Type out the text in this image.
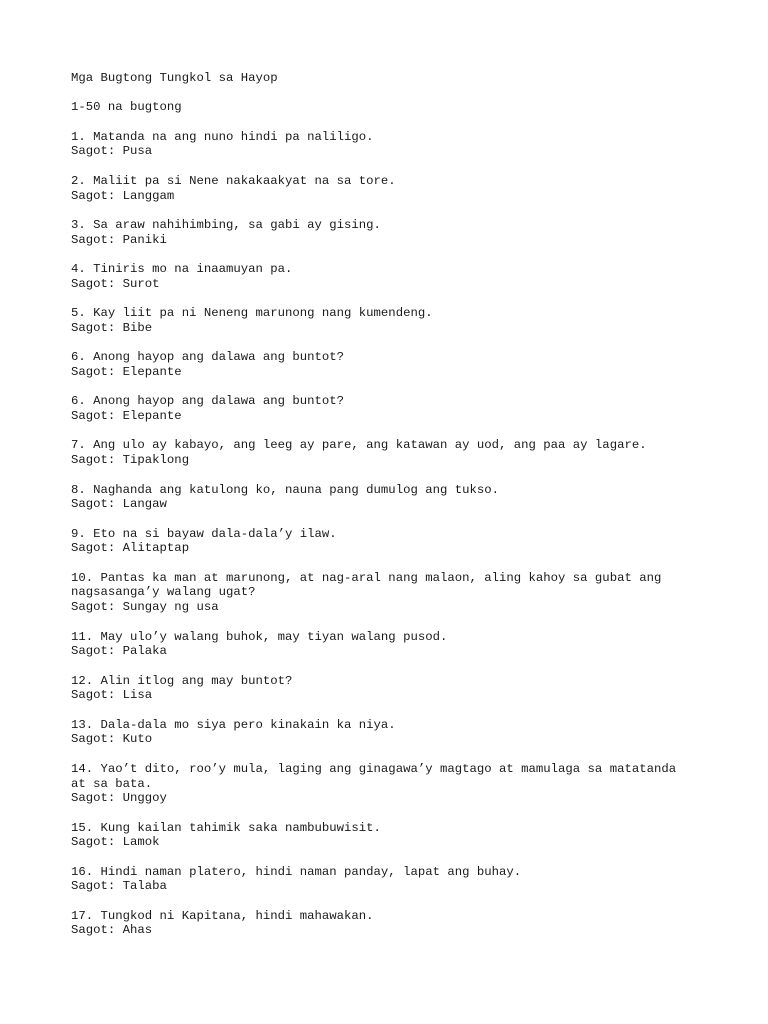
Mga Bugtong Tungkol sa Hayop
1-50 na bugtong
1. Matanda na ang nuno hindi pa naliligo.
Sagot: Pusa
2. Maliit pa si Nene nakakaakyat na sa tore.
Sagot: Langgam
3. Sa araw nahihimbing, sa gabi ay gising.
Sagot: Paniki
4. Tiniris mo na inaamuyan pa.
Sagot: Surot
5. Kay liit pa ni Neneng marunong nang kumendeng.
Sagot: Bibe
6. Anong hayop ang dalawa ang buntot?
Sagot: Elepante
6. Anong hayop ang dalawa ang buntot?
Sagot: Elepante
7. Ang ulo ay kabayo, ang leeg ay pare, ang katawan ay uod, ang paa ay lagare.
Sagot: Tipaklong
8. Naghanda ang katulong ko, nauna pang dumulog ang tukso.
Sagot: Langaw
9. Eto na si bayaw dala-dala’y ilaw.
Sagot: Alitaptap
10. Pantas ka man at marunong, at nag-aral nang malaon, aling kahoy sa gubat ang
nagsasanga’y walang ugat?
Sagot: Sungay ng usa
11. May ulo’y walang buhok, may tiyan walang pusod.
Sagot: Palaka
12. Alin itlog ang may buntot?
Sagot: Lisa
13. Dala-dala mo siya pero kinakain ka niya.
Sagot: Kuto
14. Yao’t dito, roo’y mula, laging ang ginagawa’y magtago at mamulaga sa matatanda
at sa bata.
Sagot: Unggoy
15. Kung kailan tahimik saka nambubuwisit.
Sagot: Lamok
16. Hindi naman platero, hindi naman panday, lapat ang buhay.
Sagot: Talaba
17. Tungkod ni Kapitana, hindi mahawakan.
Sagot: Ahas
